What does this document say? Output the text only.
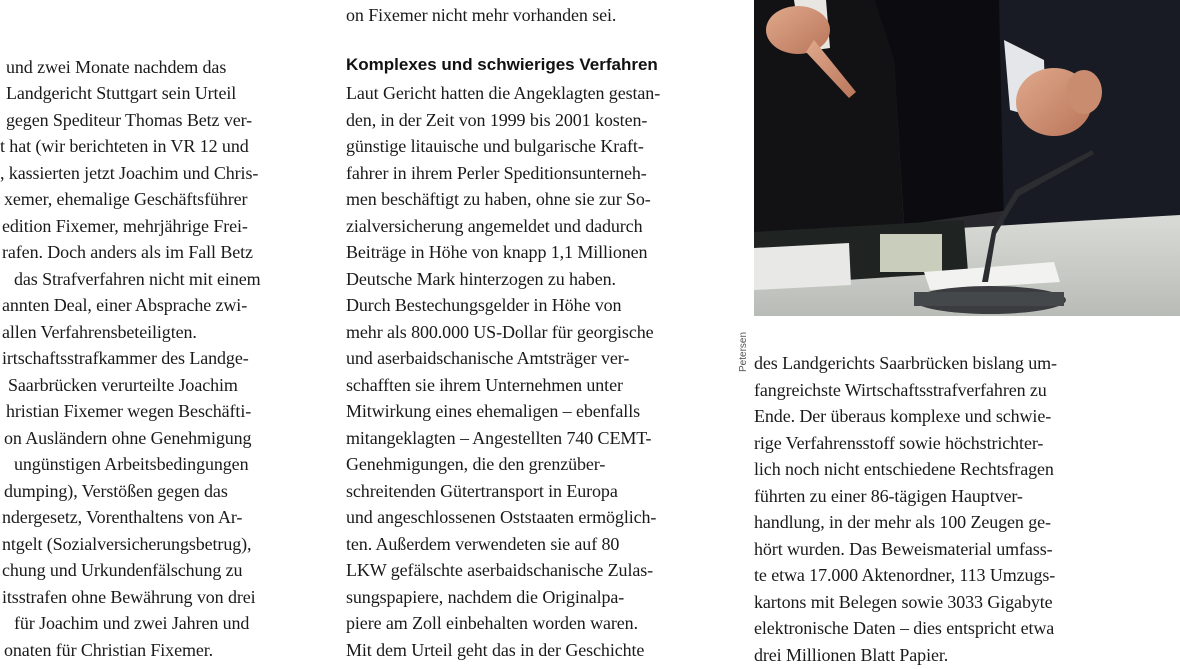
und zwei Monate nachdem das
Landgericht Stuttgart sein Urteil
gegen Spediteur Thomas Betz ver-
t hat (wir berichteten in VR 12 und
, kassierten jetzt Joachim und Chris-
xemer, ehemalige Geschäftsführer
edition Fixemer, mehrjährige Frei-
rafen. Doch anders als im Fall Betz
das Strafverfahren nicht mit einem
annten Deal, einer Absprache zwi-
allen Verfahrensbeteiligten.
irtschaftsstrafkammer des Landge-
Saarbrücken verurteilte Joachim
hristian Fixemer wegen Beschäfti-
on Ausländern ohne Genehmigung
ungünstigen Arbeitsbedingungen
dumping), Verstößen gegen das
ndergesetz, Vorenthaltens von Ar-
ntgelt (Sozialversicherungsbetrug),
chung und Urkundenfälschung zu
itsstrafen ohne Bewährung von drei
für Joachim und zwei Jahren und
onaten für Christian Fixemer.
on Fixemer nicht mehr vorhanden sei.
Komplexes und schwieriges Verfahren
Laut Gericht hatten die Angeklagten gestan-
den, in der Zeit von 1999 bis 2001 kosten-
günstige litauische und bulgarische Kraft-
fahrer in ihrem Perler Speditionsunterneh-
men beschäftigt zu haben, ohne sie zur So-
zialversicherung angemeldet und dadurch
Beiträge in Höhe von knapp 1,1 Millionen
Deutsche Mark hinterzogen zu haben.
Durch Bestechungsgelder in Höhe von
mehr als 800.000 US-Dollar für georgische
und aserbaidschanische Amtsträger ver-
schafften sie ihrem Unternehmen unter
Mitwirkung eines ehemaligen – ebenfalls
mitangeklagten – Angestellten 740 CEMT-
Genehmigungen, die den grenzüber-
schreitenden Gütertransport in Europa
und angeschlossenen Oststaaten ermöglich-
ten. Außerdem verwendeten sie auf 80
LKW gefälschte aserbaidschanische Zulas-
sungspapiere, nachdem die Originalpa-
piere am Zoll einbehalten worden waren.
Mit dem Urteil geht das in der Geschichte
Petersen des Landgerichts Saarbrücken bislang um-
fangreichste Wirtschaftsstrafverfahren zu
Ende. Der überaus komplexe und schwie-
rige Verfahrensstoff sowie höchstrichter-
lich noch nicht entschiedene Rechtsfragen
führten zu einer 86-tägigen Hauptver-
handlung, in der mehr als 100 Zeugen ge-
hört wurden. Das Beweismaterial umfass-
te etwa 17.000 Aktenordner, 113 Umzugs-
kartons mit Belegen sowie 3033 Gigabyte
elektronische Daten – dies entspricht etwa
drei Millionen Blatt Papier.
